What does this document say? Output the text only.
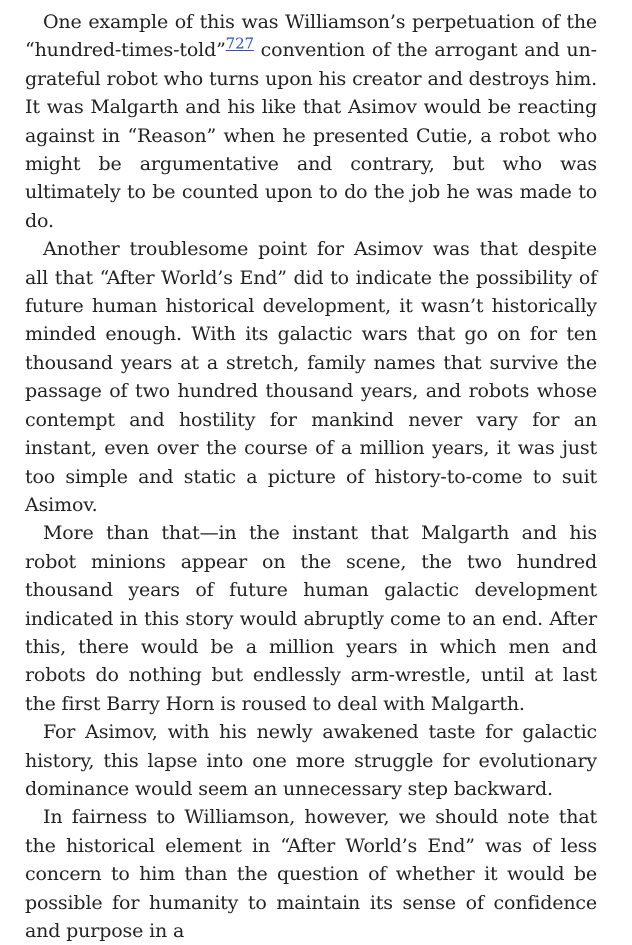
One example of this was Williamson’s perpetuation of the “hundred-times-told”$^{727}$ convention of the arrogant and ungrateful robot who turns upon his creator and destroys him. It was Malgarth and his like that Asimov would be reacting against in “Reason” when he presented Cutie, a robot who might be argumentative and contrary, but who was ultimately to be counted upon to do the job he was made to do.

Another troublesome point for Asimov was that despite all that “After World’s End” did to indicate the possibility of future human historical development, it wasn’t historically minded enough. With its galactic wars that go on for ten thousand years at a stretch, family names that survive the passage of two hundred thousand years, and robots whose contempt and hostility for mankind never vary for an instant, even over the course of a million years, it was just too simple and static a picture of history-to-come to suit Asimov.

More than that—in the instant that Malgarth and his robot minions appear on the scene, the two hundred thousand years of future human galactic development indicated in this story would abruptly come to an end. After this, there would be a million years in which men and robots do nothing but endlessly arm-wrestle, until at last the first Barry Horn is roused to deal with Malgarth.

For Asimov, with his newly awakened taste for galactic history, this lapse into one more struggle for evolutionary dominance would seem an unnecessary step backward.

In fairness to Williamson, however, we should note that the historical element in “After World’s End” was of less concern to him than the question of whether it would be possible for humanity to maintain its sense of confidence and purpose in a
